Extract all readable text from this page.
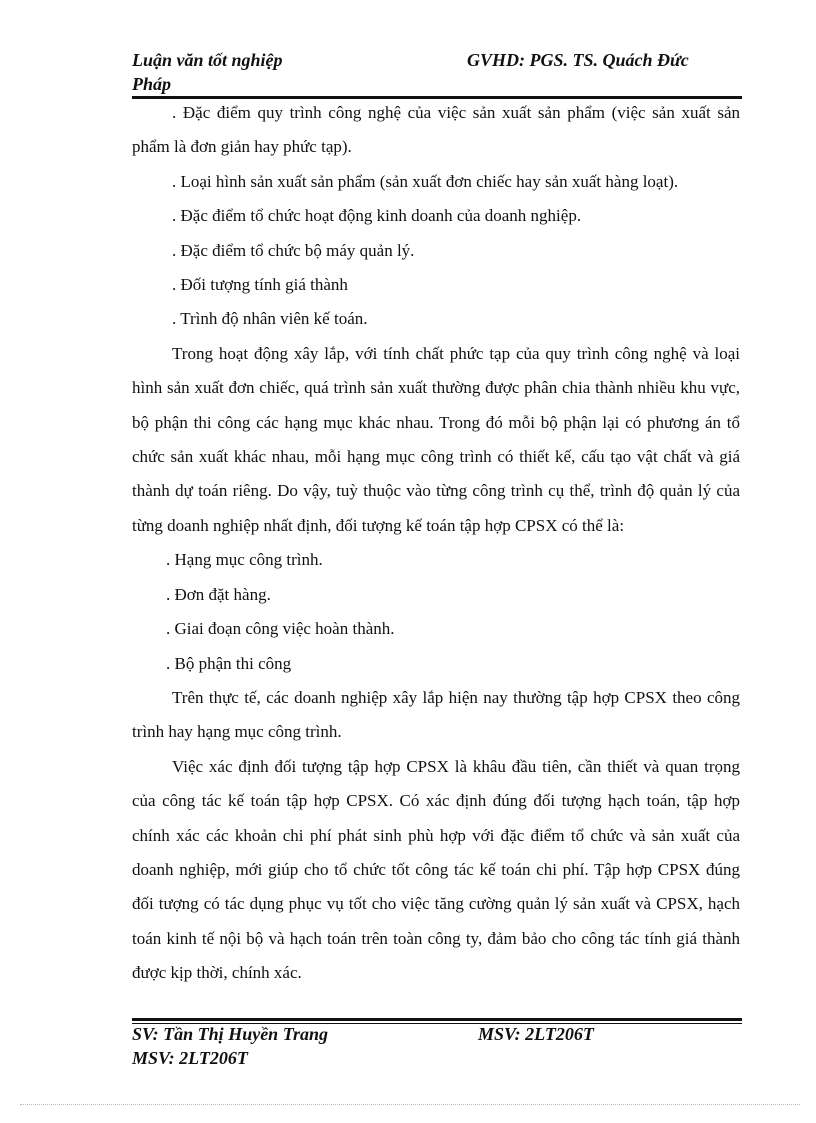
Luận văn tốt nghiệp	GVHD: PGS. TS. Quách Đức
Pháp

. Đặc điểm quy trình công nghệ của việc sản xuất sản phẩm (việc sản xuất sản phẩm là đơn giản hay phức tạp).

. Loại hình sản xuất sản phẩm (sản xuất đơn chiếc hay sản xuất hàng loạt).

. Đặc điểm tổ chức hoạt động kinh doanh của doanh nghiệp.

. Đặc điểm tổ chức bộ máy quản lý.

. Đối tượng tính giá thành

. Trình độ nhân viên kế toán.

Trong hoạt động xây lắp, với tính chất phức tạp của quy trình công nghệ và loại hình sản xuất đơn chiếc, quá trình sản xuất thường được phân chia thành nhiều khu vực, bộ phận thi công các hạng mục khác nhau. Trong đó mỗi bộ phận lại có phương án tổ chức sản xuất khác nhau, mỗi hạng mục công trình có thiết kế, cấu tạo vật chất và giá thành dự toán riêng. Do vậy, tuỳ thuộc vào từng công trình cụ thể, trình độ quản lý của từng doanh nghiệp nhất định, đối tượng kế toán tập hợp CPSX có thể là:

. Hạng mục công trình.

. Đơn đặt hàng.

. Giai đoạn công việc hoàn thành.

. Bộ phận thi công

Trên thực tế, các doanh nghiệp xây lắp hiện nay thường tập hợp CPSX theo công trình hay hạng mục công trình.

Việc xác định đối tượng tập hợp CPSX là khâu đầu tiên, cần thiết và quan trọng của công tác kế toán tập hợp CPSX. Có xác định đúng đối tượng hạch toán, tập hợp chính xác các khoản chi phí phát sinh phù hợp với đặc điểm tổ chức và sản xuất của doanh nghiệp, mới giúp cho tổ chức tốt công tác kế toán chi phí. Tập hợp CPSX đúng đối tượng có tác dụng phục vụ tốt cho việc tăng cường quản lý sản xuất và CPSX, hạch toán kinh tế nội bộ và hạch toán trên toàn công ty, đảm bảo cho công tác tính giá thành được kịp thời, chính xác.

SV: Tần Thị Huyền Trang	MSV: 2LT206T
MSV: 2LT206T
